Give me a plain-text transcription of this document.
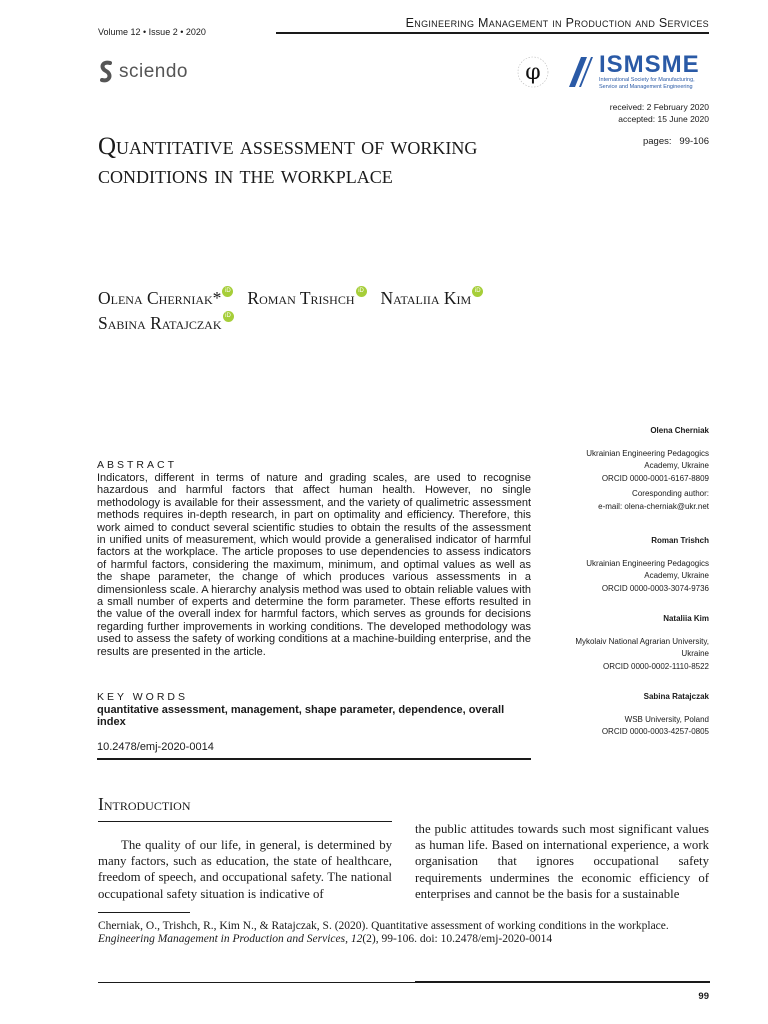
Engineering Management in Production and Services
Volume 12 • Issue 2 • 2020
sciendo	φ ISMSME
International Society for Manufacturing, Service and Management Engineering
received: 2 February 2020
accepted: 15 June 2020
pages:   99-106
Quantitative assessment of working conditions in the workplace
Olena Cherniak* iD Roman Trishch iD Nataliia Kim iD
Sabina Ratajczak iD
Olena Cherniak
Ukrainian Engineering Pedagogics
Academy, Ukraine
ORCID 0000-0001-6167-8809
Coresponding author:
e-mail: olena-cherniak@ukr.net
Roman Trishch
Ukrainian Engineering Pedagogics
Academy, Ukraine
ORCID 0000-0003-3074-9736
Nataliia Kim
Mykolaiv National Agrarian University,
Ukraine
ORCID 0000-0002-1110-8522
Sabina Ratajczak
WSB University, Poland
ORCID 0000-0003-4257-0805
ABSTRACT
Indicators, different in terms of nature and grading scales, are used to recognise hazardous and harmful factors that affect human health. However, no single methodology is available for their assessment, and the variety of qualimetric assessment methods requires in-depth research, in part on optimality and efficiency. Therefore, this work aimed to conduct several scientific studies to obtain the results of the assessment in unified units of measurement, which would provide a generalised indicator of harmful factors at the workplace. The article proposes to use dependencies to assess indicators of harmful factors, considering the maximum, minimum, and optimal values as well as the shape parameter, the change of which produces various assessments in a dimensionless scale. A hierarchy analysis method was used to obtain reliable values with a small number of experts and determine the form parameter. These efforts resulted in the value of the overall index for harmful factors, which serves as grounds for decisions regarding further improvements in working conditions. The developed methodology was used to assess the safety of working conditions at a machine-building enterprise, and the results are presented in the article.
KEY WORDS
quantitative assessment, management, shape parameter, dependence, overall index
10.2478/emj-2020-0014
Introduction
The quality of our life, in general, is determined by many factors, such as education, the state of healthcare, freedom of speech, and occupational safety. The national occupational safety situation is indicative of
the public attitudes towards such most significant values as human life. Based on international experience, a work organisation that ignores occupational safety requirements undermines the economic efficiency of enterprises and cannot be the basis for a sustainable
Cherniak, O., Trishch, R., Kim N., & Ratajczak, S. (2020). Quantitative assessment of working conditions in the workplace. Engineering Management in Production and Services, 12(2), 99-106. doi: 10.2478/emj-2020-0014
99
